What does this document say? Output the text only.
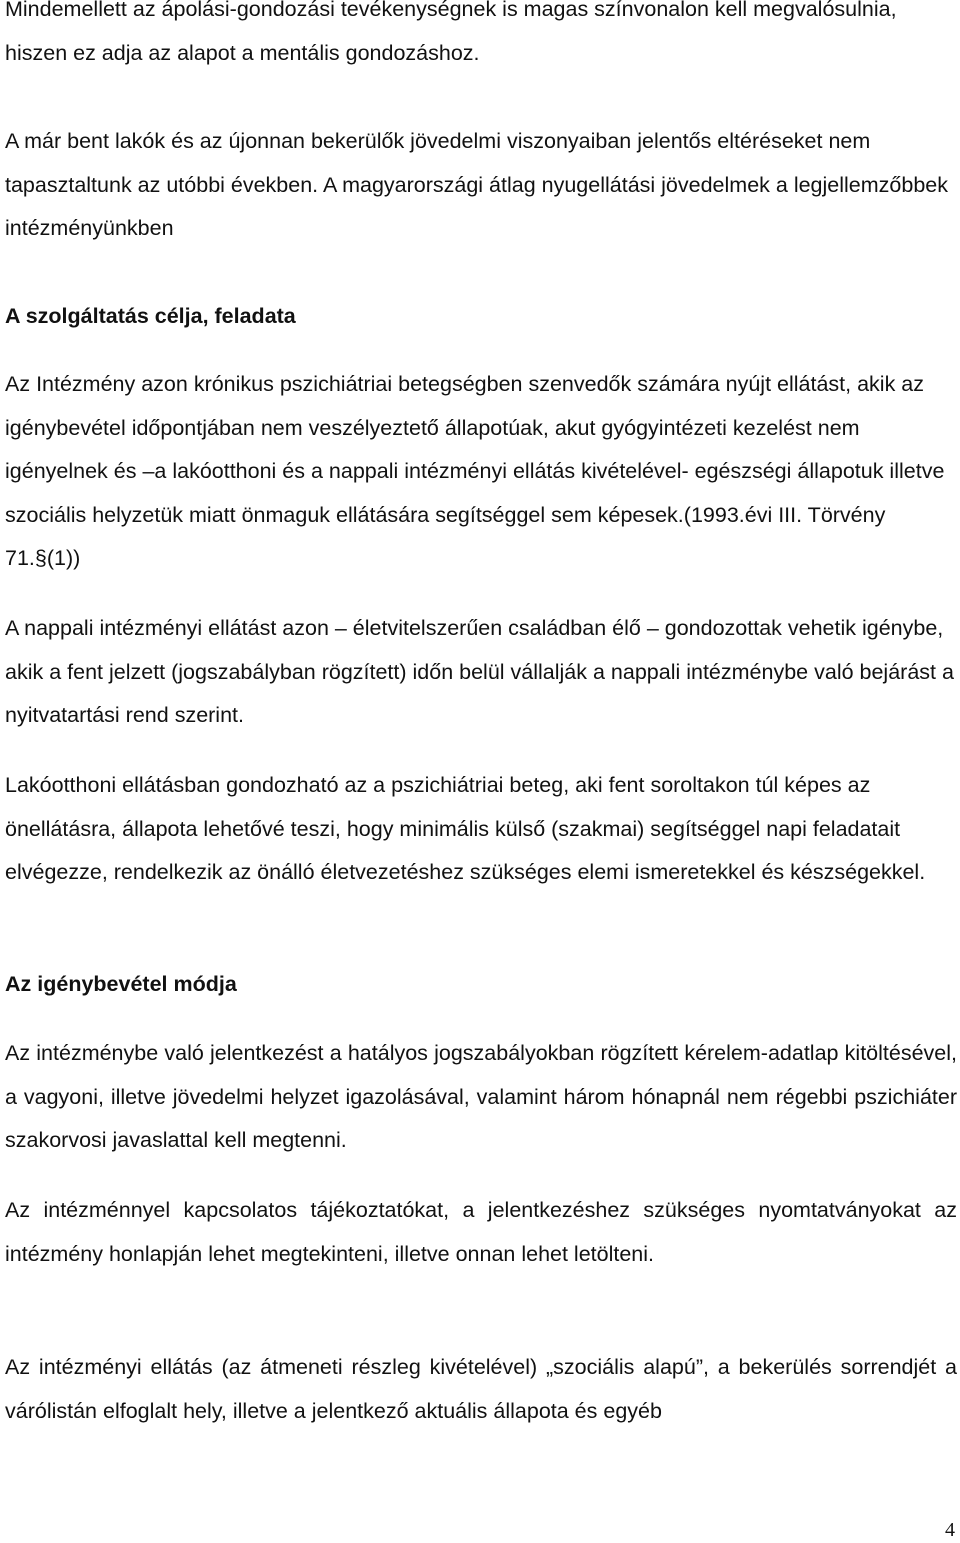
Mindemellett az ápolási-gondozási tevékenységnek is magas színvonalon kell megvalósulnia, hiszen ez adja az alapot a mentális gondozáshoz.

A már bent lakók és az újonnan bekerülők jövedelmi viszonyaiban jelentős eltéréseket nem tapasztaltunk az utóbbi években. A magyarországi átlag nyugellátási jövedelmek a legjellemzőbbek intézményünkben

A szolgáltatás célja, feladata

Az Intézmény azon krónikus pszichiátriai betegségben szenvedők számára nyújt ellátást, akik az igénybevétel időpontjában nem veszélyeztető állapotúak, akut gyógyintézeti kezelést nem igényelnek és –a lakóotthoni és a nappali intézményi ellátás kivételével- egészségi állapotuk illetve szociális helyzetük miatt önmaguk ellátására segítséggel sem képesek.(1993.évi III. Törvény 71.§(1))

A nappali intézményi ellátást azon – életvitelszerűen családban élő – gondozottak vehetik igénybe, akik a fent jelzett (jogszabályban rögzített) időn belül vállalják a nappali intézménybe való bejárást a nyitvatartási rend szerint.

Lakóotthoni ellátásban gondozható az a pszichiátriai beteg, aki fent soroltakon túl képes az önellátásra, állapota lehetővé teszi, hogy minimális külső (szakmai) segítséggel napi feladatait elvégezze, rendelkezik az önálló életvezetéshez szükséges elemi ismeretekkel és készségekkel.

Az igénybevétel módja

Az intézménybe való jelentkezést a hatályos jogszabályokban rögzített kérelem-adatlap kitöltésével, a vagyoni, illetve jövedelmi helyzet igazolásával, valamint három hónapnál nem régebbi pszichiáter szakorvosi javaslattal kell megtenni.

Az intézménnyel kapcsolatos tájékoztatókat, a jelentkezéshez szükséges nyomtatványokat az intézmény honlapján lehet megtekinteni, illetve onnan lehet letölteni.

Az intézményi ellátás (az átmeneti részleg kivételével) „szociális alapú”, a bekerülés sorrendjét a várólistán elfoglalt hely, illetve a jelentkező aktuális állapota és egyéb

4
